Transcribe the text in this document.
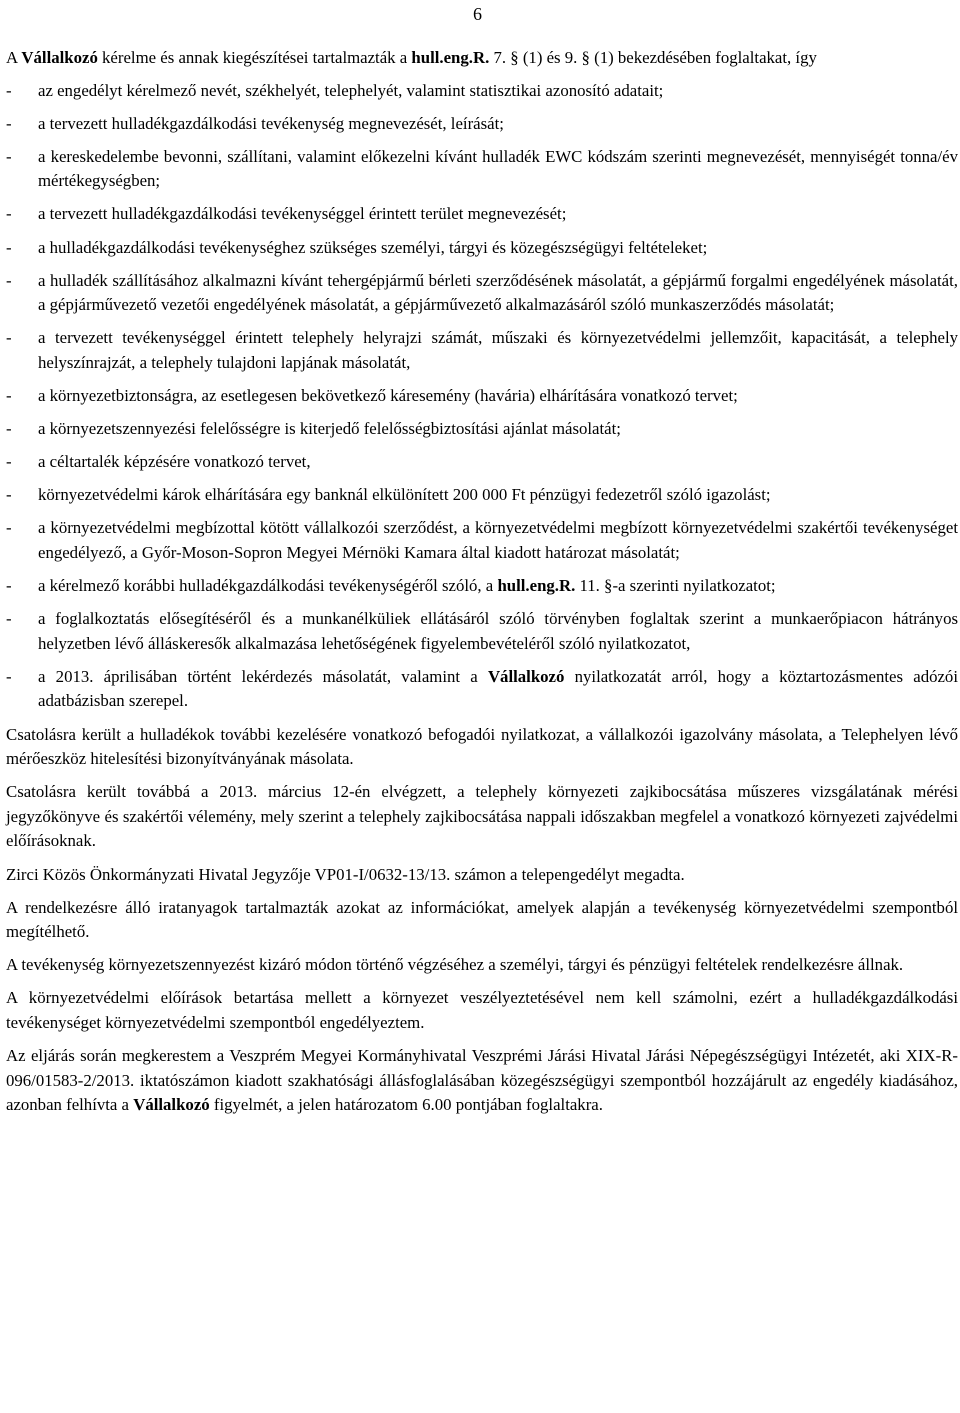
6

A Vállalkozó kérelme és annak kiegészítései tartalmazták a hull.eng.R. 7. § (1) és 9. § (1) bekezdésében foglaltakat, így

- az engedélyt kérelmező nevét, székhelyét, telephelyét, valamint statisztikai azonosító adatait;
- a tervezett hulladékgazdálkodási tevékenység megnevezését, leírását;
- a kereskedelembe bevonni, szállítani, valamint előkezelni kívánt hulladék EWC kódszám szerinti megnevezését, mennyiségét tonna/év mértékegységben;
- a tervezett hulladékgazdálkodási tevékenységgel érintett terület megnevezését;
- a hulladékgazdálkodási tevékenységhez szükséges személyi, tárgyi és közegészségügyi feltételeket;
- a hulladék szállításához alkalmazni kívánt tehergépjármű bérleti szerződésének másolatát, a gépjármű forgalmi engedélyének másolatát, a gépjárművezető vezetői engedélyének másolatát, a gépjárművezető alkalmazásáról szóló munkaszerződés másolatát;
- a tervezett tevékenységgel érintett telephely helyrajzi számát, műszaki és környezetvédelmi jellemzőit, kapacitását, a telephely helyszínrajzát, a telephely tulajdoni lapjának másolatát,
- a környezetbiztonságra, az esetlegesen bekövetkező káresemény (havária) elhárítására vonatkozó tervet;
- a környezetszennyezési felelősségre is kiterjedő felelősségbiztosítási ajánlat másolatát;
- a céltartalék képzésére vonatkozó tervet,
- környezetvédelmi károk elhárítására egy banknál elkülönített 200 000 Ft pénzügyi fedezetről szóló igazolást;
- a környezetvédelmi megbízottal kötött vállalkozói szerződést, a környezetvédelmi megbízott környezetvédelmi szakértői tevékenységet engedélyező, a Győr-Moson-Sopron Megyei Mérnöki Kamara által kiadott határozat másolatát;
- a kérelmező korábbi hulladékgazdálkodási tevékenységéről szóló, a hull.eng.R. 11. §-a szerinti nyilatkozatot;
- a foglalkoztatás elősegítéséről és a munkanélküliek ellátásáról szóló törvényben foglaltak szerint a munkaerőpiacon hátrányos helyzetben lévő álláskeresők alkalmazása lehetőségének figyelembevételéről szóló nyilatkozatot,
- a 2013. áprilisában történt lekérdezés másolatát, valamint a Vállalkozó nyilatkozatát arról, hogy a köztartozásmentes adózói adatbázisban szerepel.

Csatolásra került a hulladékok további kezelésére vonatkozó befogadói nyilatkozat, a vállalkozói igazolvány másolata, a Telephelyen lévő mérőeszköz hitelesítési bizonyítványának másolata.

Csatolásra került továbbá a 2013. március 12-én elvégzett, a telephely környezeti zajkibocsátása műszeres vizsgálatának mérési jegyzőkönyve és szakértői vélemény, mely szerint a telephely zajkibocsátása nappali időszakban megfelel a vonatkozó környezeti zajvédelmi előírásoknak.

Zirci Közös Önkormányzati Hivatal Jegyzője VP01-I/0632-13/13. számon a telepengedélyt megadta.

A rendelkezésre álló iratanyagok tartalmazták azokat az információkat, amelyek alapján a tevékenység környezetvédelmi szempontból megítélhető.

A tevékenység környezetszennyezést kizáró módon történő végzéséhez a személyi, tárgyi és pénzügyi feltételek rendelkezésre állnak.

A környezetvédelmi előírások betartása mellett a környezet veszélyeztetésével nem kell számolni, ezért a hulladékgazdálkodási tevékenységet környezetvédelmi szempontból engedélyeztem.

Az eljárás során megkerestem a Veszprém Megyei Kormányhivatal Veszprémi Járási Hivatal Járási Népegészségügyi Intézetét, aki XIX-R-096/01583-2/2013. iktatószámon kiadott szakhatósági állásfoglalásában közegészségügyi szempontból hozzájárult az engedély kiadásához, azonban felhívta a Vállalkozó figyelmét, a jelen határozatom 6.00 pontjában foglaltakra.
